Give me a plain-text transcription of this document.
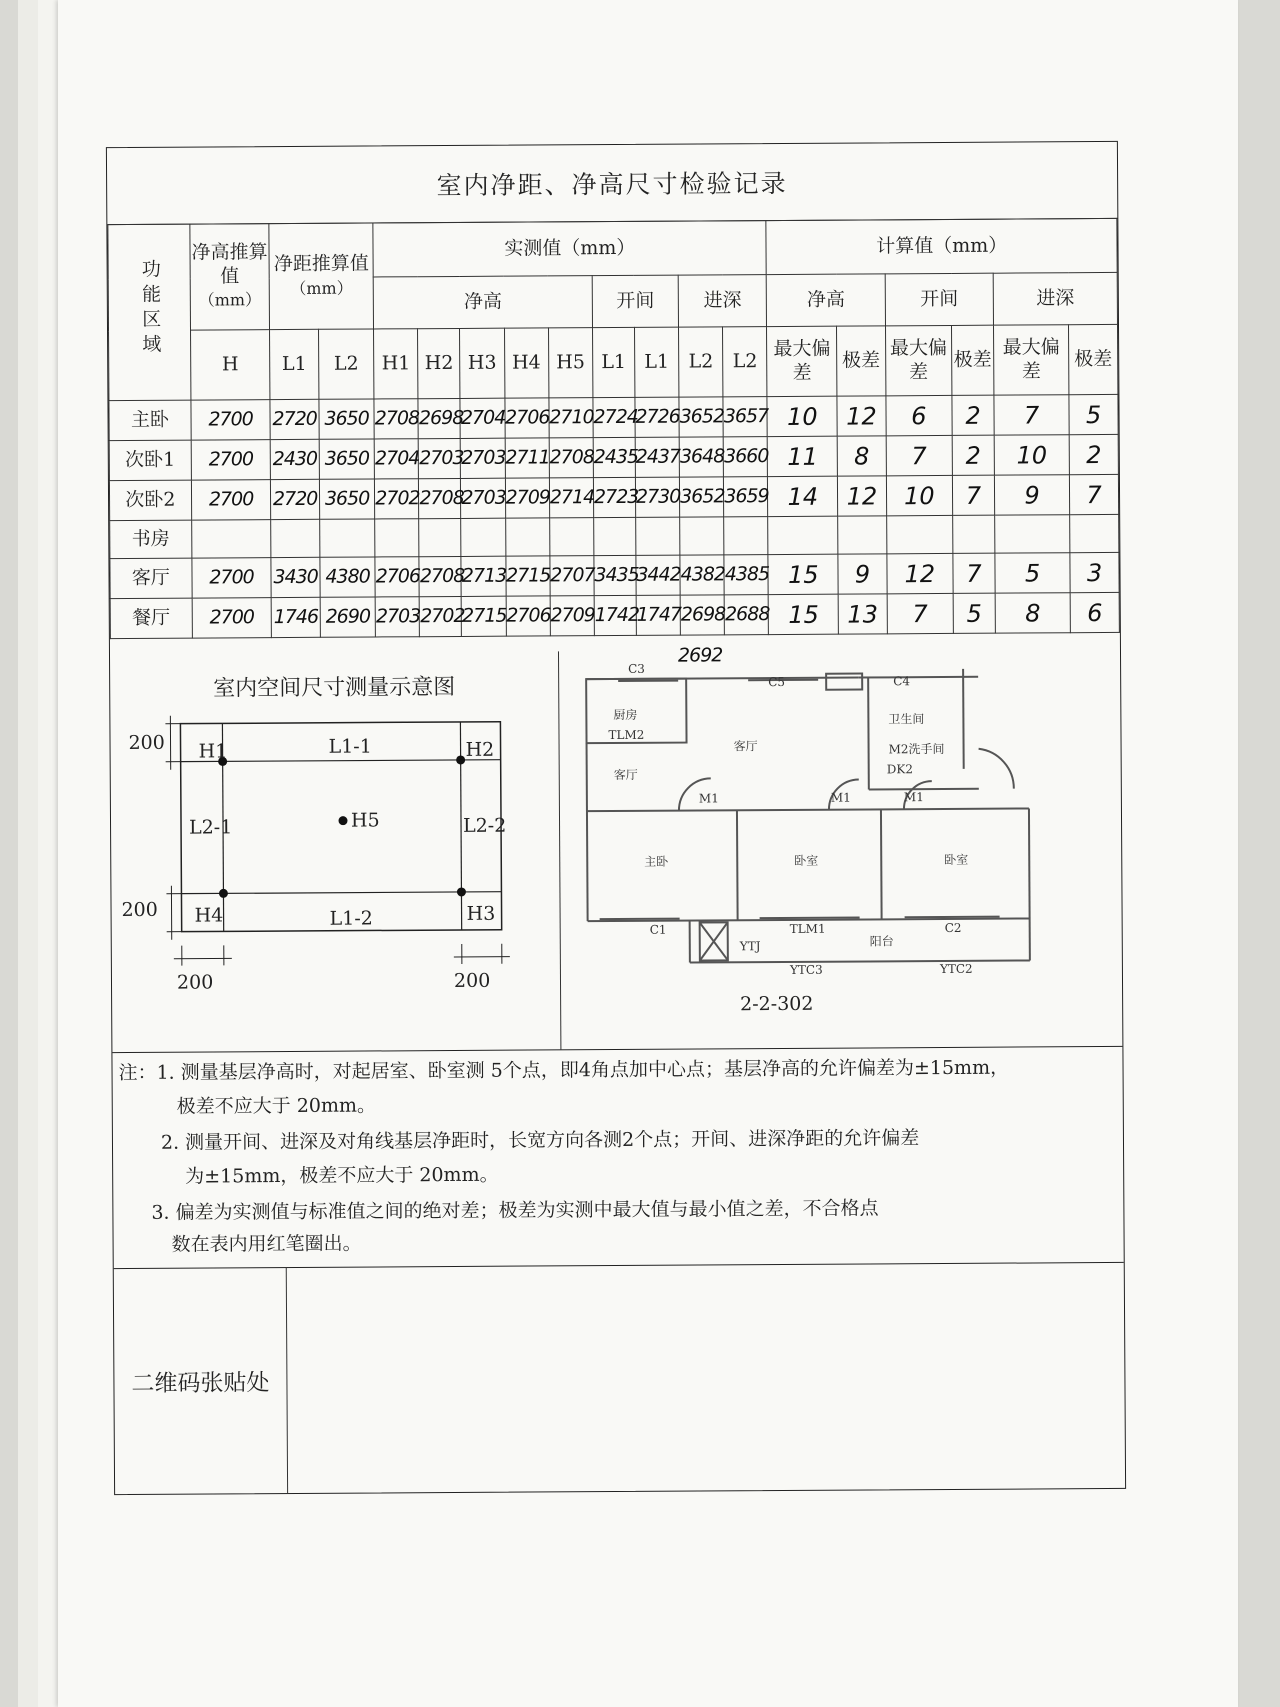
室内净距、净高尺寸检验记录
功能区域	净高推算值
（mm）	净距推算值
（mm）		实测值（mm）									计算值（mm）					
				净高					开间		进深		净高		开间		进深	
	H	L1	L2	H1	H2	H3	H4	H5	L1	L1	L2	L2	最大偏差	极差	最大偏差	极差	最大偏差	极差
主卧	2700	2720	3650	2708	2698	2704	2706	2710	2724	2726	3652	3657	10	12	6	2	7	5
次卧1	2700	2430	3650	2704	2703	2703	2711	2708	2435	2437	3648	3660	11	8	7	2	10	2
次卧2	2700	2720	3650	2702	2708	2703	2709	2714	2723	2730	3652	3659	14	12	10	7	9	7
书房																		
客厅	2700	3430	4380	2706	2708	2713	2715	2707	3435	3442	4382	4385	15	9	12	7	5	3
餐厅	2700	1746	2690	2703	2702	2715	2706	2709	1742	1747	2698	2688	15	13	7	5	8	6
室内空间尺寸测量示意图
200
200
200	200
H1	H2
H3
H4
H5
L1-1
L1-2
L2-1	L2-2
C3
C5	C4
厨房
TLM2
客厅
客厅
卫生间
M2洗手间
DK2
M1	M1	M1
主卧	卧室	卧室
C1	TLM1
阳台
C2
YTC3	YTC2
YTJ
2-2-302
2692

注：1. 测量基层净高时，对起居室、卧室测 5个点，即4角点加中心点；基层净高的允许偏差为±15mm，

极差不应大于 20mm。

2. 测量开间、进深及对角线基层净距时，长宽方向各测2个点；开间、进深净距的允许偏差

为±15mm，极差不应大于 20mm。

3. 偏差为实测值与标准值之间的绝对差；极差为实测中最大值与最小值之差，不合格点

数在表内用红笔圈出。

二维码张贴处
